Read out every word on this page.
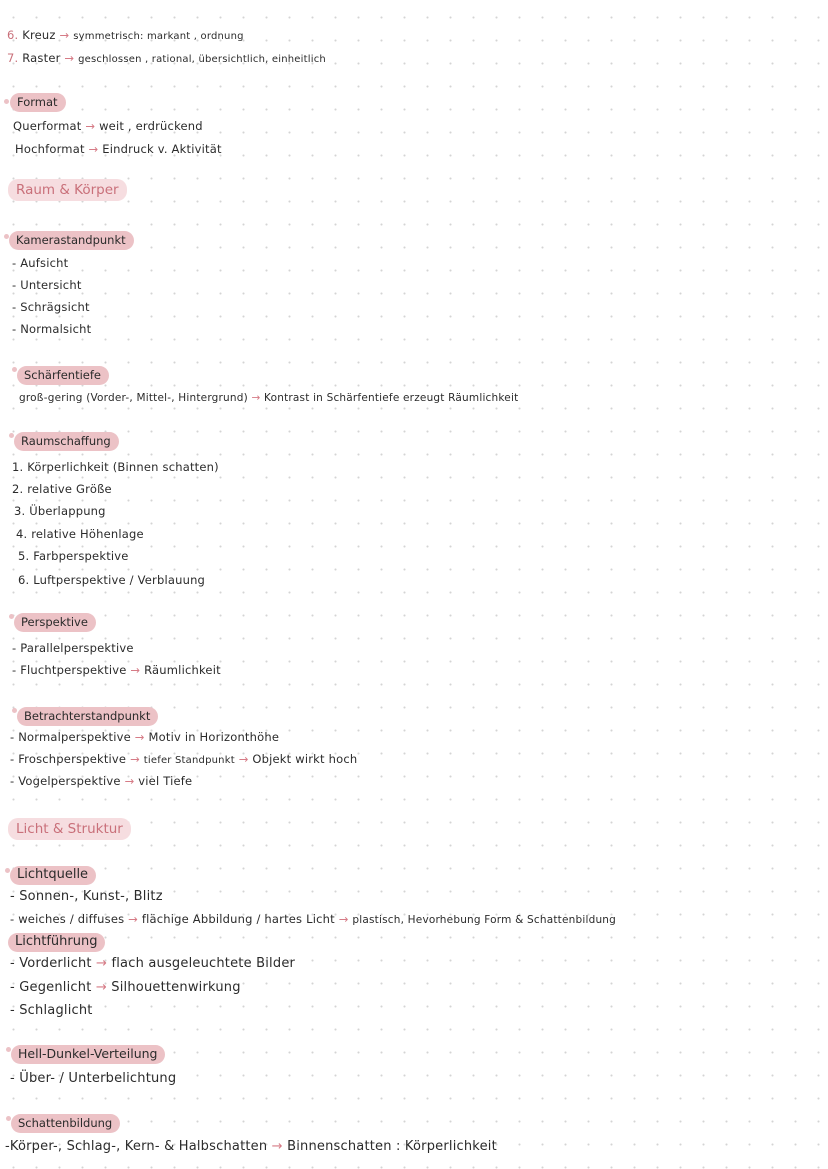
6. Kreuz → symmetrisch: markant , ordnung
7. Raster → geschlossen , rational, übersichtlich, einheitlich
Format
Querformat → weit , erdrückend
Hochformat → Eindruck v. Aktivität
Raum & Körper
Kamerastandpunkt
- Aufsicht
- Untersicht
- Schrägsicht
- Normalsicht
Schärfentiefe
groß-gering (Vorder-, Mittel-, Hintergrund) → Kontrast in Schärfentiefe erzeugt Räumlichkeit
Raumschaffung
1. Körperlichkeit (Binnen schatten)
2. relative Größe
3. Überlappung
4. relative Höhenlage
5. Farbperspektive
6. Luftperspektive / Verblauung
Perspektive
- Parallelperspektive
- Fluchtperspektive → Räumlichkeit
Betrachterstandpunkt
- Normalperspektive → Motiv in Horizonthöhe
- Froschperspektive → tiefer Standpunkt → Objekt wirkt hoch
- Vogelperspektive → viel Tiefe
Licht & Struktur
Lichtquelle
- Sonnen-, Kunst-, Blitz
- weiches / diffuses → flächige Abbildung / hartes Licht → plastisch, Hevorhebung Form & Schattenbildung
Lichtführung
- Vorderlicht → flach ausgeleuchtete Bilder
- Gegenlicht → Silhouettenwirkung
- Schlaglicht
Hell-Dunkel-Verteilung
- Über- / Unterbelichtung
Schattenbildung
-Körper-, Schlag-, Kern- & Halbschatten → Binnenschatten : Körperlichkeit
